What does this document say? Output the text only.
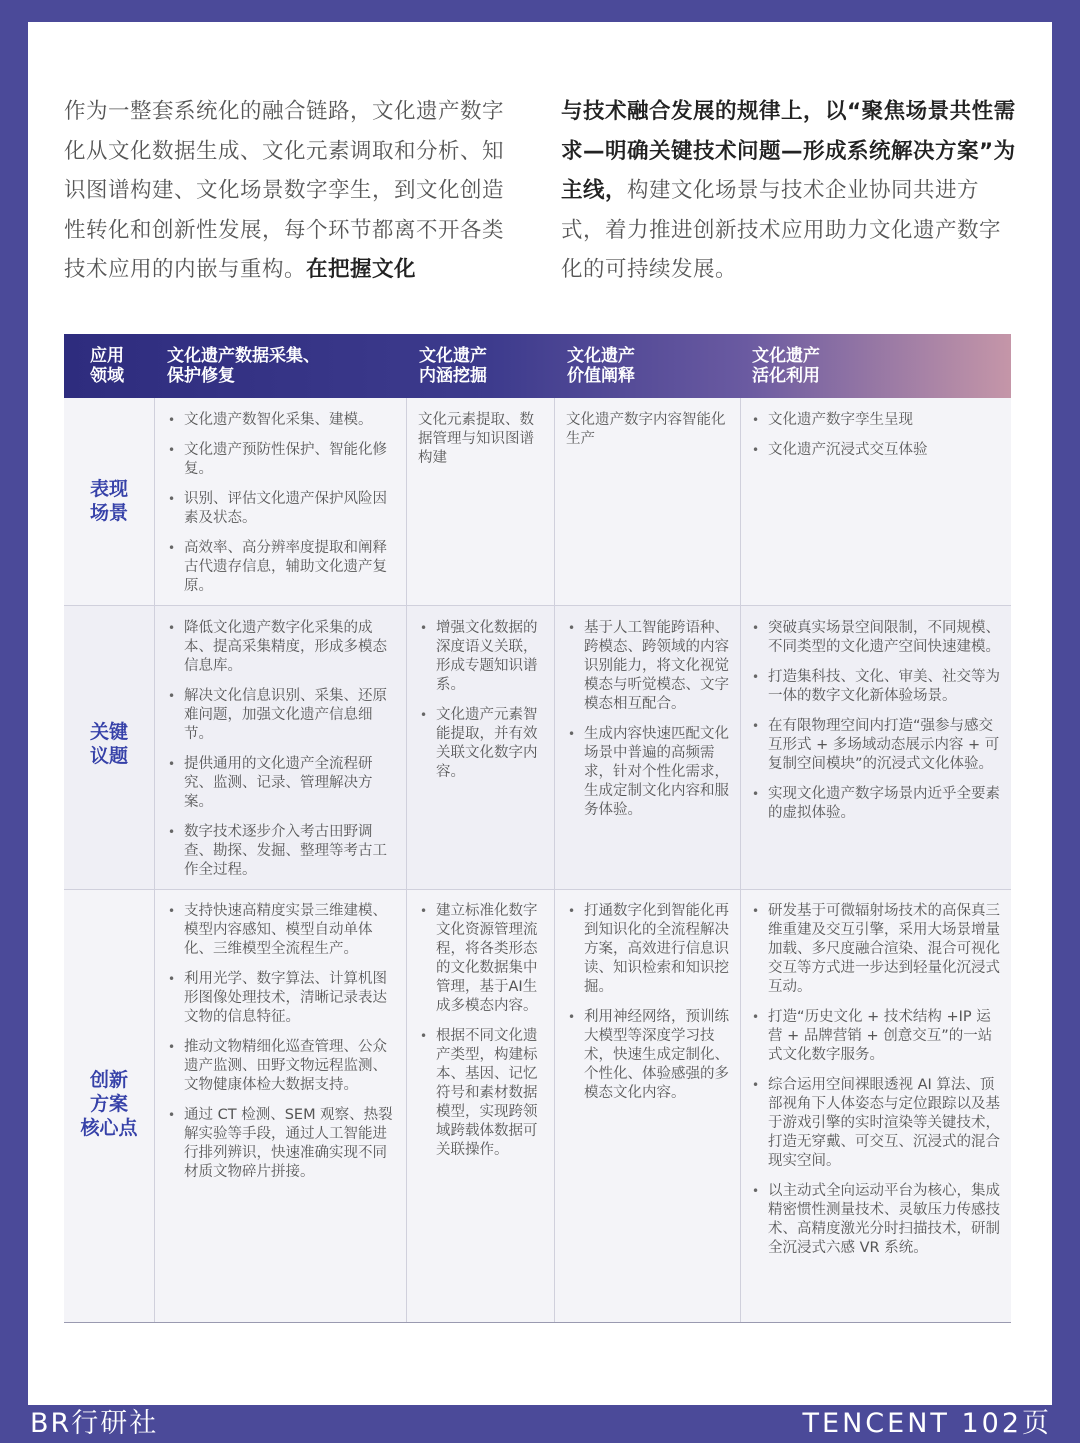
作为一整套系统化的融合链路，文化遗产数字化从文化数据生成、文化元素调取和分析、知识图谱构建、文化场景数字孪生，到文化创造性转化和创新性发展，每个环节都离不开各类技术应用的内嵌与重构。在把握文化
与技术融合发展的规律上，以“聚焦场景共性需求—明确关键技术问题—形成系统解决方案”为主线，构建文化场景与技术企业协同共进方式，着力推进创新技术应用助力文化遗产数字化的可持续发展。
应用
领域
文化遗产数据采集、
保护修复
文化遗产
内涵挖掘
文化遗产
价值阐释
文化遗产
活化利用
表现
场景
关键
议题
创新
方案
核心点
• 文化遗产数智化采集、建模。
• 文化遗产预防性保护、智能化修复。
• 识别、评估文化遗产保护风险因素及状态。
• 高效率、高分辨率度提取和阐释古代遗存信息，辅助文化遗产复原。

文化元素提取、数据管理与知识图谱构建

文化遗产数字内容智能化生产

• 文化遗产数字孪生呈现
• 文化遗产沉浸式交互体验
• 降低文化遗产数字化采集的成本、提高采集精度，形成多模态信息库。
• 解决文化信息识别、采集、还原难问题，加强文化遗产信息细节。
• 提供通用的文化遗产全流程研究、监测、记录、管理解决方案。
• 数字技术逐步介入考古田野调查、勘探、发掘、整理等考古工作全过程。
• 增强文化数据的深度语义关联，形成专题知识谱系。
• 文化遗产元素智能提取，并有效关联文化数字内容。
• 基于人工智能跨语种、跨模态、跨领域的内容识别能力，将文化视觉模态与听觉模态、文字模态相互配合。
• 生成内容快速匹配文化场景中普遍的高频需求，针对个性化需求，生成定制文化内容和服务体验。
• 突破真实场景空间限制，不同规模、不同类型的文化遗产空间快速建模。
• 打造集科技、文化、审美、社交等为一体的数字文化新体验场景。
• 在有限物理空间内打造“强参与感交互形式 + 多场域动态展示内容 + 可复制空间模块”的沉浸式文化体验。
• 实现文化遗产数字场景内近乎全要素的虚拟体验。
• 支持快速高精度实景三维建模、模型内容感知、模型自动单体化、三维模型全流程生产。
• 利用光学、数字算法、计算机图形图像处理技术，清晰记录表达文物的信息特征。
• 推动文物精细化巡查管理、公众遗产监测、田野文物远程监测、文物健康体检大数据支持。
• 通过 CT 检测、SEM 观察、热裂解实验等手段，通过人工智能进行排列辨识，快速准确实现不同材质文物碎片拼接。
• 建立标准化数字文化资源管理流程，将各类形态的文化数据集中管理，基于AI生成多模态内容。
• 根据不同文化遗产类型，构建标本、基因、记忆符号和素材数据模型，实现跨领域跨载体数据可关联操作。
• 打通数字化到智能化再到知识化的全流程解决方案，高效进行信息识读、知识检索和知识挖掘。
• 利用神经网络，预训练大模型等深度学习技术，快速生成定制化、个性化、体验感强的多模态文化内容。
• 研发基于可微辐射场技术的高保真三维重建及交互引擎，采用大场景增量加载、多尺度融合渲染、混合可视化交互等方式进一步达到轻量化沉浸式互动。
• 打造“历史文化 + 技术结构 +IP 运营 + 品牌营销 + 创意交互”的一站式文化数字服务。
• 综合运用空间裸眼透视 AI 算法、顶部视角下人体姿态与定位跟踪以及基于游戏引擎的实时渲染等关键技术，打造无穿戴、可交互、沉浸式的混合现实空间。
• 以主动式全向运动平台为核心，集成精密惯性测量技术、灵敏压力传感技术、高精度激光分时扫描技术，研制全沉浸式六感 VR 系统。
BR行研社	TENCENT 102页
